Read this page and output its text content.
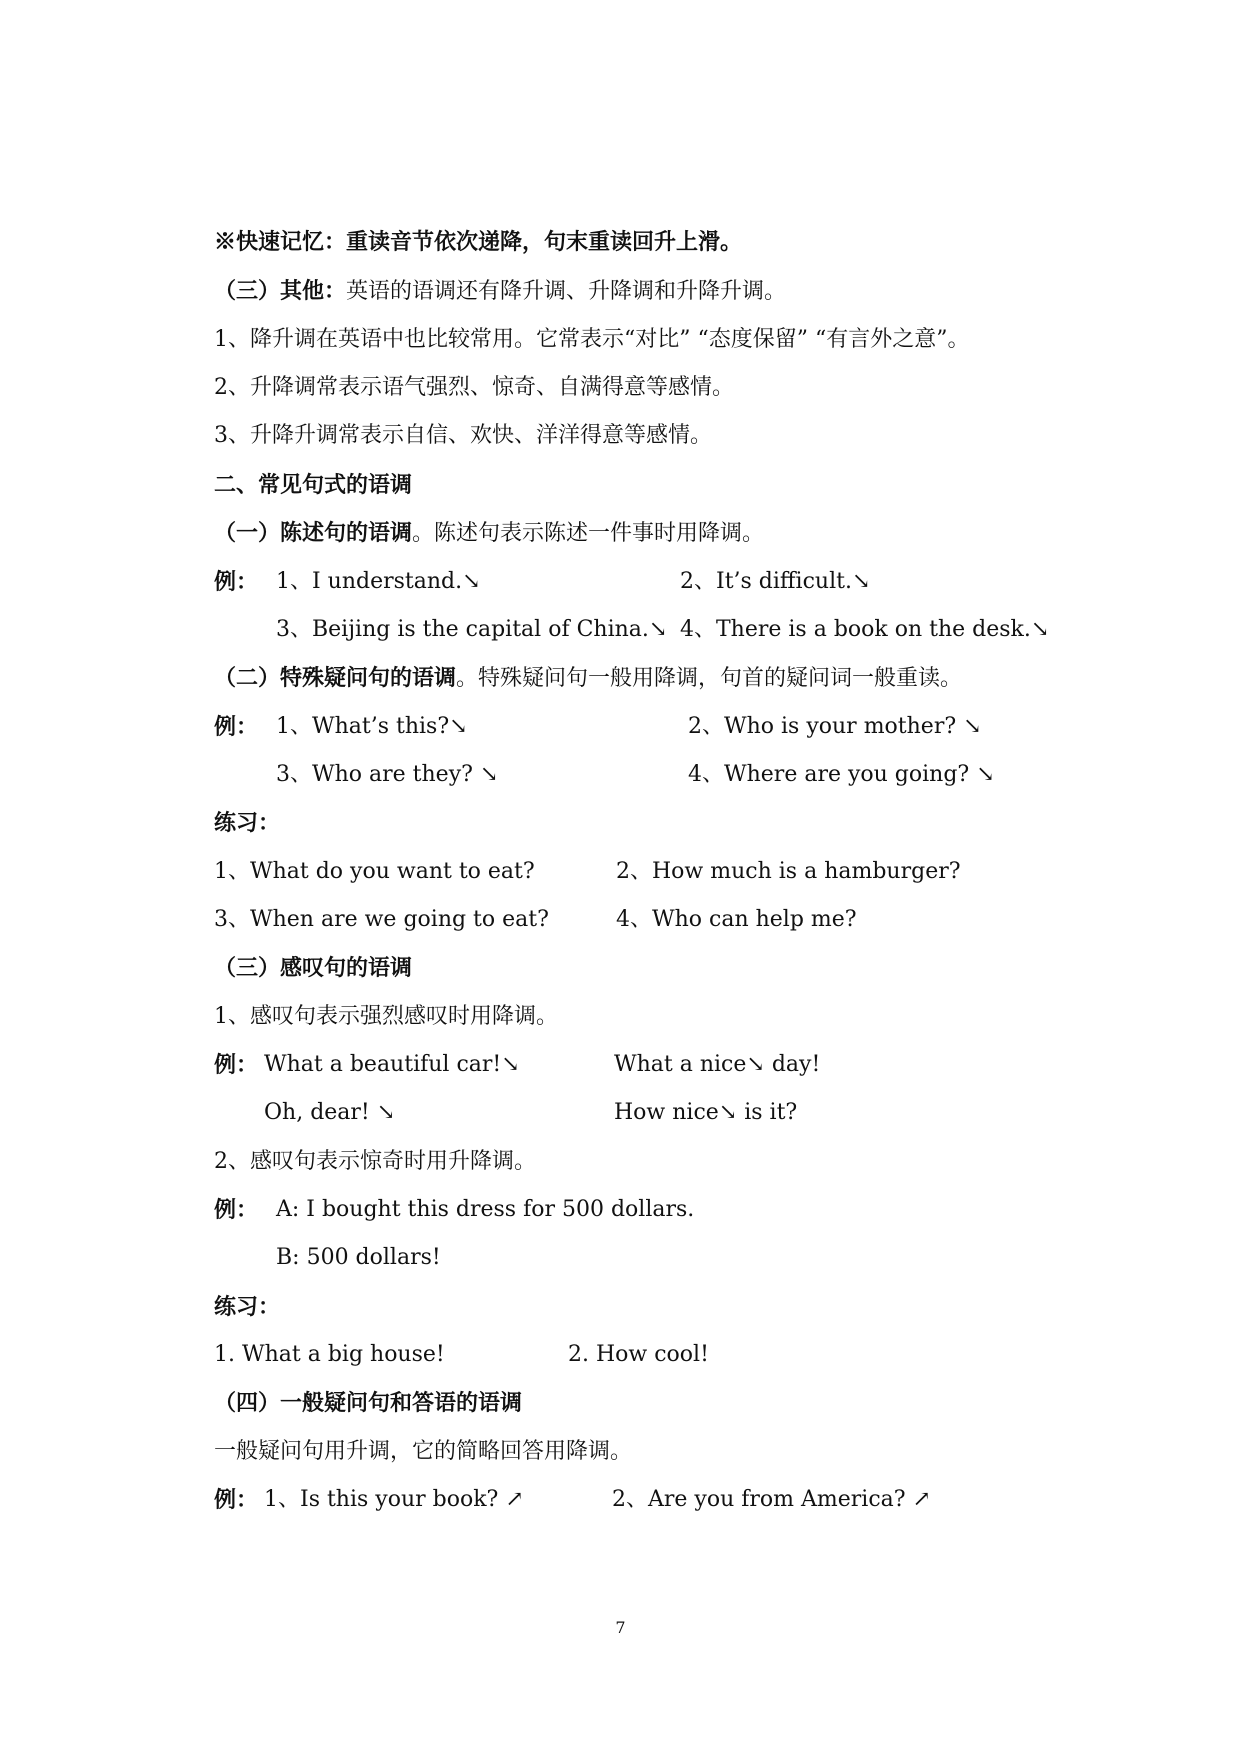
※快速记忆：重读音节依次递降，句末重读回升上滑。
（三）其他：英语的语调还有降升调、升降调和升降升调。
1、降升调在英语中也比较常用。它常表示“对比” “态度保留” “有言外之意”。
2、升降调常表示语气强烈、惊奇、自满得意等感情。
3、升降升调常表示自信、欢快、洋洋得意等感情。
二、常见句式的语调
（一）陈述句的语调。陈述句表示陈述一件事时用降调。
例： 1、I understand.↘	2、It’s difficult.↘
3、Beijing is the capital of China.↘ 4、There is a book on the desk.↘
（二）特殊疑问句的语调。特殊疑问句一般用降调，句首的疑问词一般重读。
例： 1、What’s this?↘	2、Who is your mother? ↘
3、Who are they? ↘	4、Where are you going? ↘
练习：
1、What do you want to eat?	2、How much is a hamburger?
3、When are we going to eat?	4、Who can help me?
（三）感叹句的语调
1、感叹句表示强烈感叹时用降调。
例： What a beautiful car!↘	What a nice↘ day!
Oh, dear! ↘	How nice↘ is it?
2、感叹句表示惊奇时用升降调。
例： A: I bought this dress for 500 dollars.
B: 500 dollars!
练习：
1. What a big house!	2. How cool!
（四）一般疑问句和答语的语调
一般疑问句用升调，它的简略回答用降调。
例： 1、Is this your book? ↗	2、Are you from America? ↗
7
